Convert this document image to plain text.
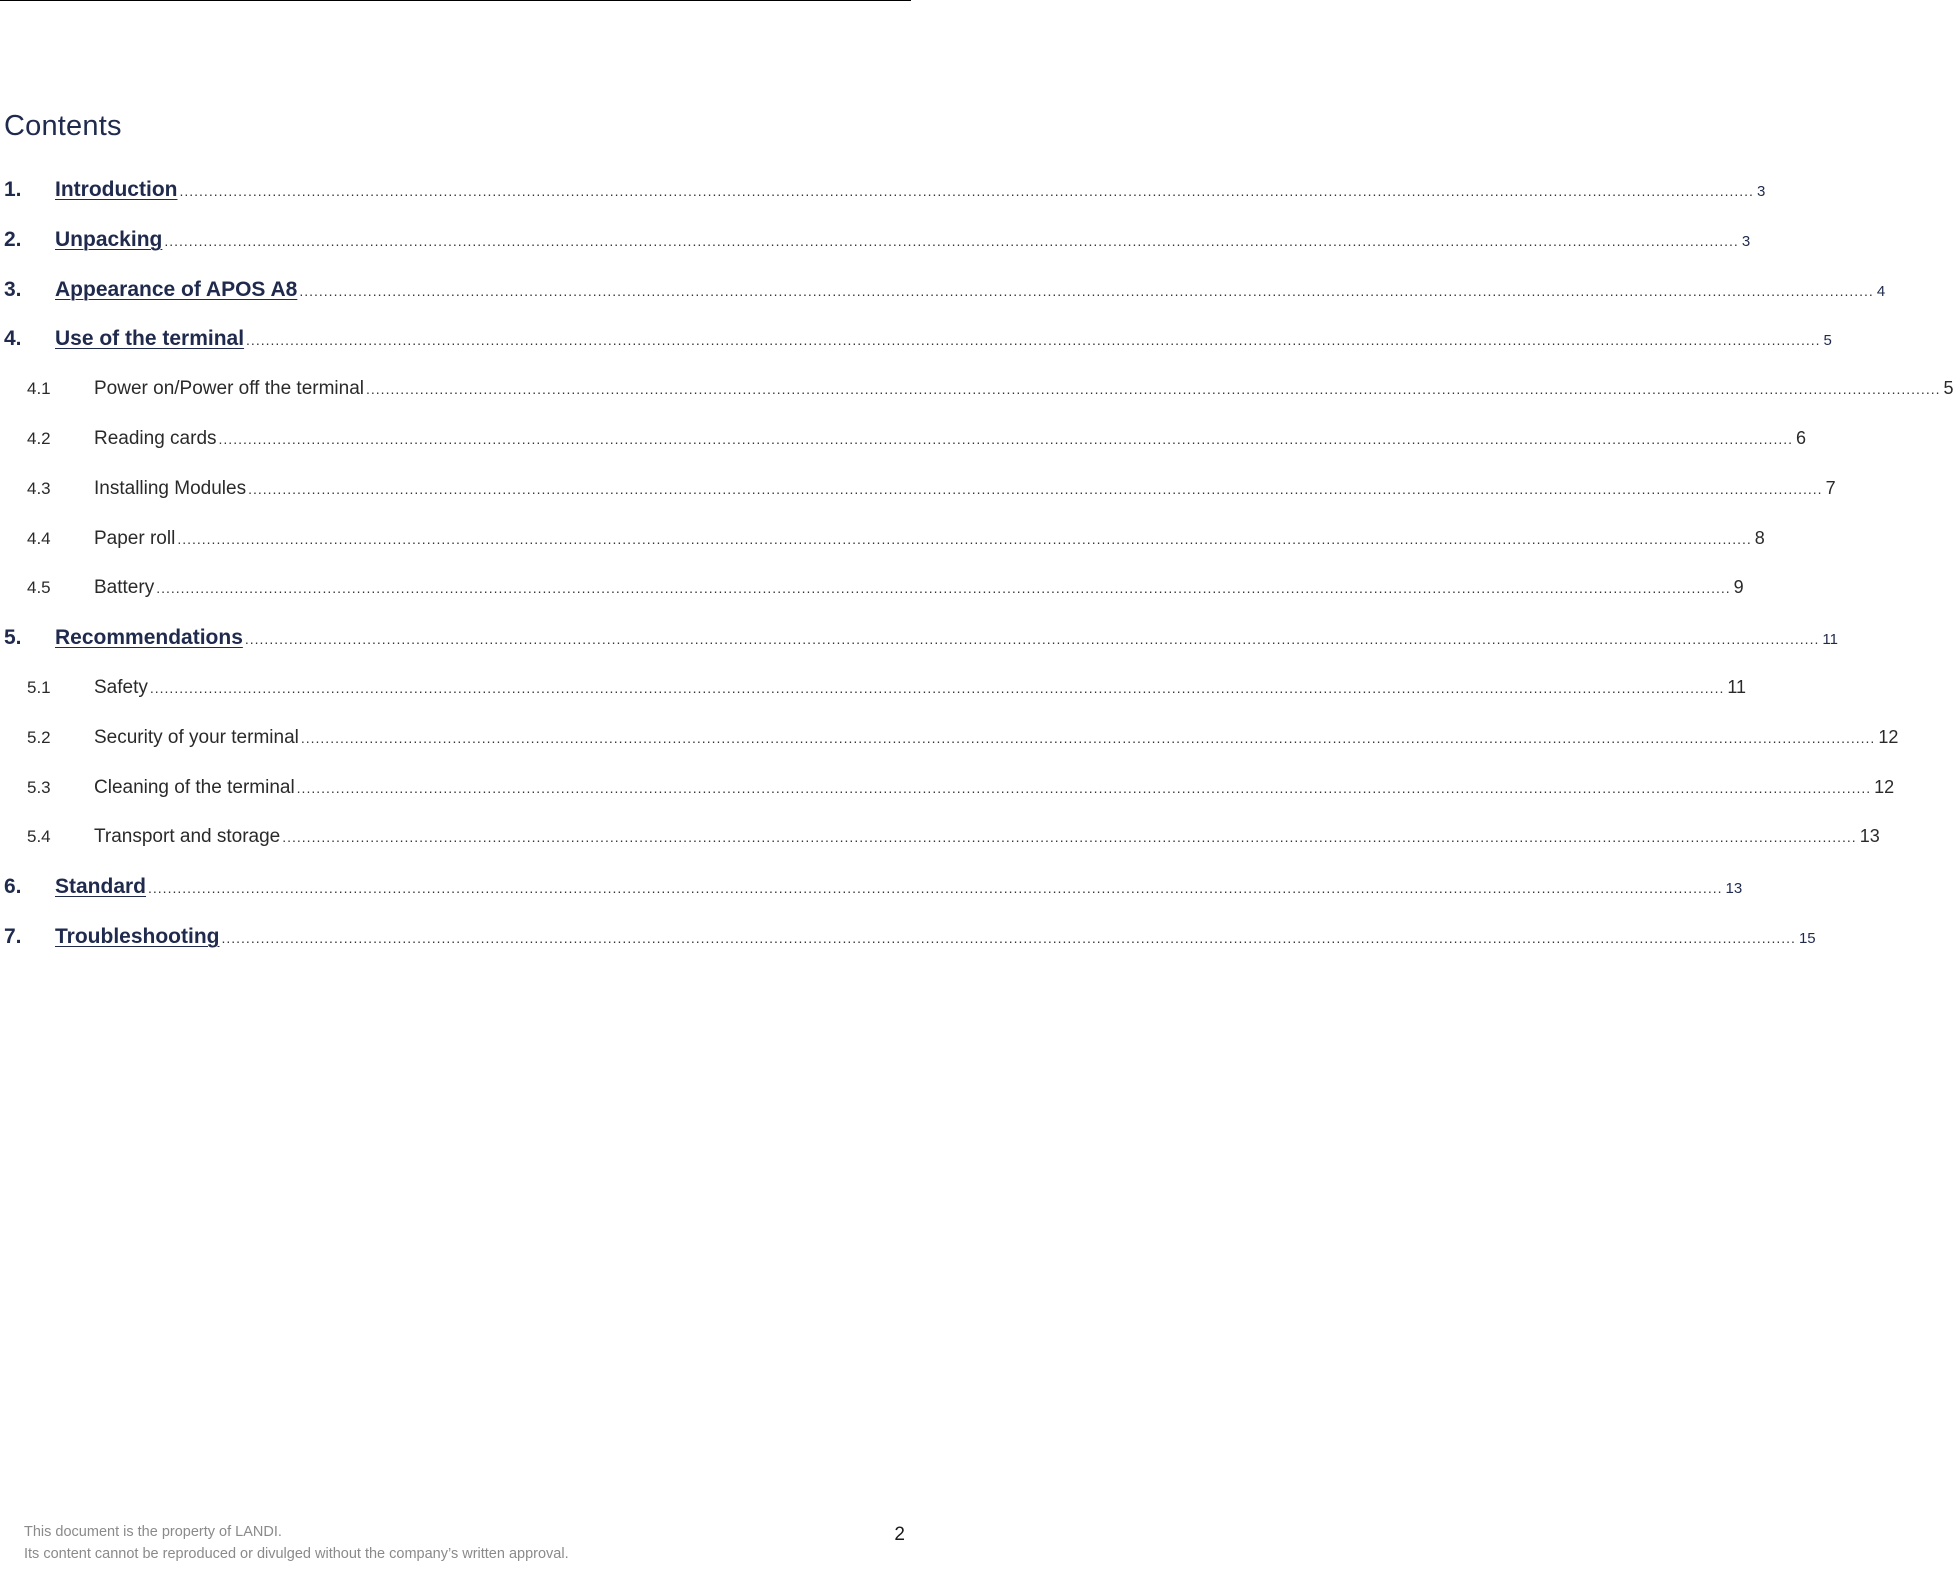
Contents
1.	Introduction .................................................................................................................................................................................................................................................................................................................................. 3
2.	Unpacking .................................................................................................................................................................................................................................................................................................................................. 3
3.	Appearance of APOS A8 .................................................................................................................................................................................................................................................................................................................................. 4
4.	Use of the terminal .................................................................................................................................................................................................................................................................................................................................. 5
4.1	Power on/Power off the terminal .................................................................................................................................................................................................................................................................................................................................. 5
4.2	Reading cards .................................................................................................................................................................................................................................................................................................................................. 6
4.3	Installing Modules .................................................................................................................................................................................................................................................................................................................................. 7
4.4	Paper roll .................................................................................................................................................................................................................................................................................................................................. 8
4.5	Battery .................................................................................................................................................................................................................................................................................................................................. 9
5.	Recommendations .................................................................................................................................................................................................................................................................................................................................. 11
5.1	Safety .................................................................................................................................................................................................................................................................................................................................. 11
5.2	Security of your terminal .................................................................................................................................................................................................................................................................................................................................. 12
5.3	Cleaning of the terminal .................................................................................................................................................................................................................................................................................................................................. 12
5.4	Transport and storage .................................................................................................................................................................................................................................................................................................................................. 13
6.	Standard .................................................................................................................................................................................................................................................................................................................................. 13
7.	Troubleshooting .................................................................................................................................................................................................................................................................................................................................. 15
This document is the property of LANDI.
Its content cannot be reproduced or divulged without the company’s written approval.
2
